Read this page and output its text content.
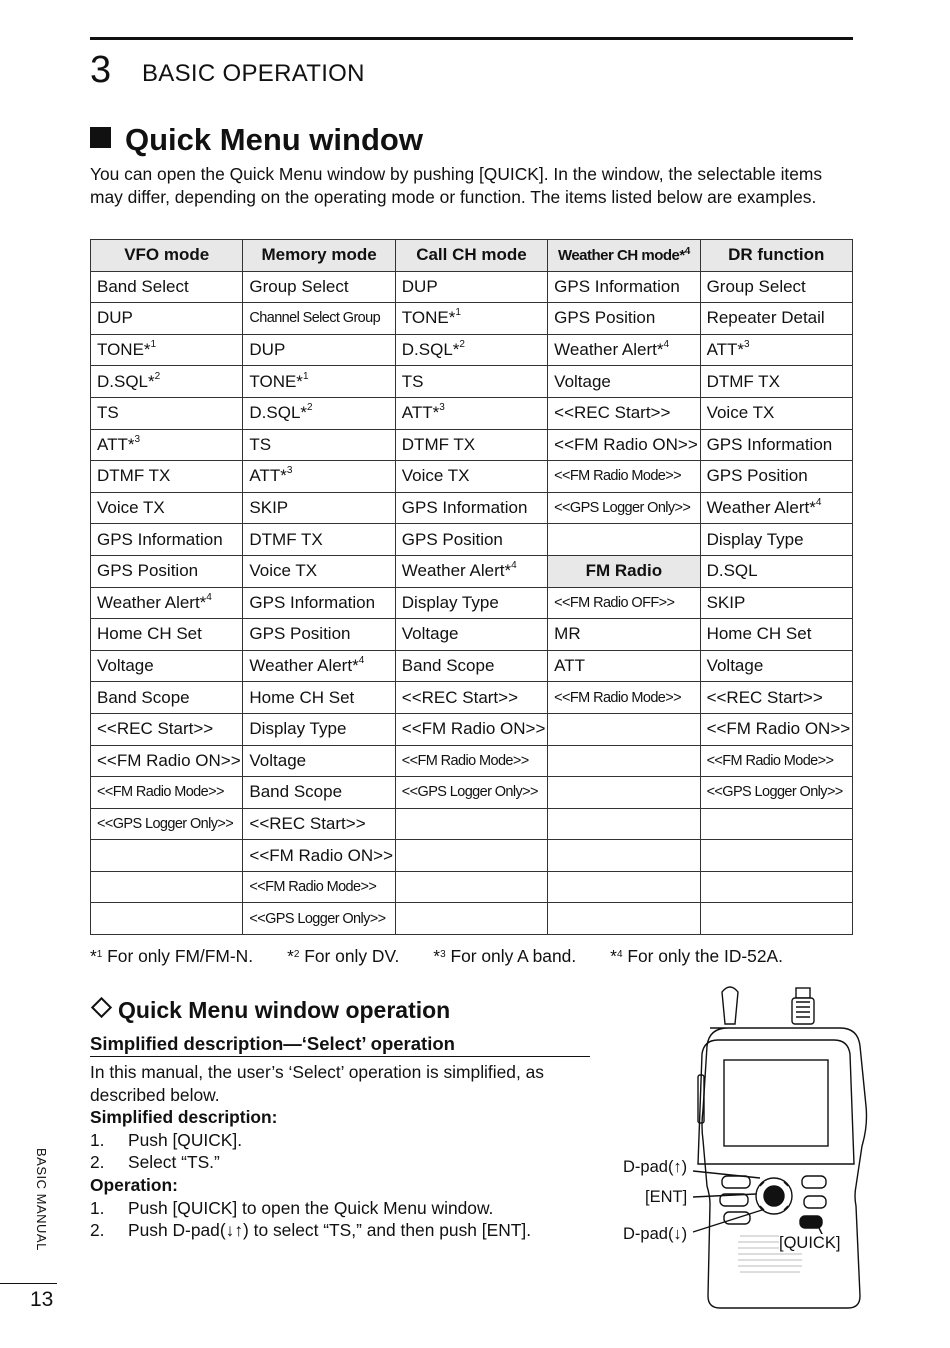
3 BASIC OPERATION
Quick Menu window
You can open the Quick Menu window by pushing [QUICK]. In the window, the selectable items may differ, depending on the operating mode or function. The items listed below are examples.
VFO mode	Memory mode	Call CH mode	Weather CH mode*$^4$	DR function
Band Select	Group Select	DUP	GPS Information	Group Select
DUP	Channel Select Group	TONE*$^1$	GPS Position	Repeater Detail
TONE*$^1$	DUP	D.SQL*$^2$	Weather Alert*$^4$	ATT*$^3$
D.SQL*$^2$	TONE*$^1$	TS	Voltage	DTMF TX
TS	D.SQL*$^2$	ATT*$^3$	<<REC Start>>	Voice TX
ATT*$^3$	TS	DTMF TX	<<FM Radio ON>>	GPS Information
DTMF TX	ATT*$^3$	Voice TX	<<FM Radio Mode>>	GPS Position
Voice TX	SKIP	GPS Information	<<GPS Logger Only>>	Weather Alert*$^4$
GPS Information	DTMF TX	GPS Position		Display Type
GPS Position	Voice TX	Weather Alert*$^4$	FM Radio	D.SQL
Weather Alert*$^4$	GPS Information	Display Type	<<FM Radio OFF>>	SKIP
Home CH Set	GPS Position	Voltage	MR	Home CH Set
Voltage	Weather Alert*$^4$	Band Scope	ATT	Voltage
Band Scope	Home CH Set	<<REC Start>>	<<FM Radio Mode>>	<<REC Start>>
<<REC Start>>	Display Type	<<FM Radio ON>>		<<FM Radio ON>>
<<FM Radio ON>>	Voltage	<<FM Radio Mode>>		<<FM Radio Mode>>
<<FM Radio Mode>>	Band Scope	<<GPS Logger Only>>		<<GPS Logger Only>>
<<GPS Logger Only>>	<<REC Start>>			
	<<FM Radio ON>>			
	<<FM Radio Mode>>			
	<<GPS Logger Only>>			
*$^1$ For only FM/FM-N. *$^2$ For only DV. *$^3$ For only A band. *$^4$ For only the ID-52A.
Quick Menu window operation
Simplified description—‘Select’ operation
In this manual, the user’s ‘Select’ operation is simplified, as described below.
Simplified description:
1.	Push [QUICK].
2.	Select “TS.”
Operation:
1.	Push [QUICK] to open the Quick Menu window.
2.	Push D-pad(↓↑) to select “TS,” and then push [ENT].
D-pad(↑)
[ENT]
D-pad(↓)	[QUICK]
BASIC MANUAL
13
